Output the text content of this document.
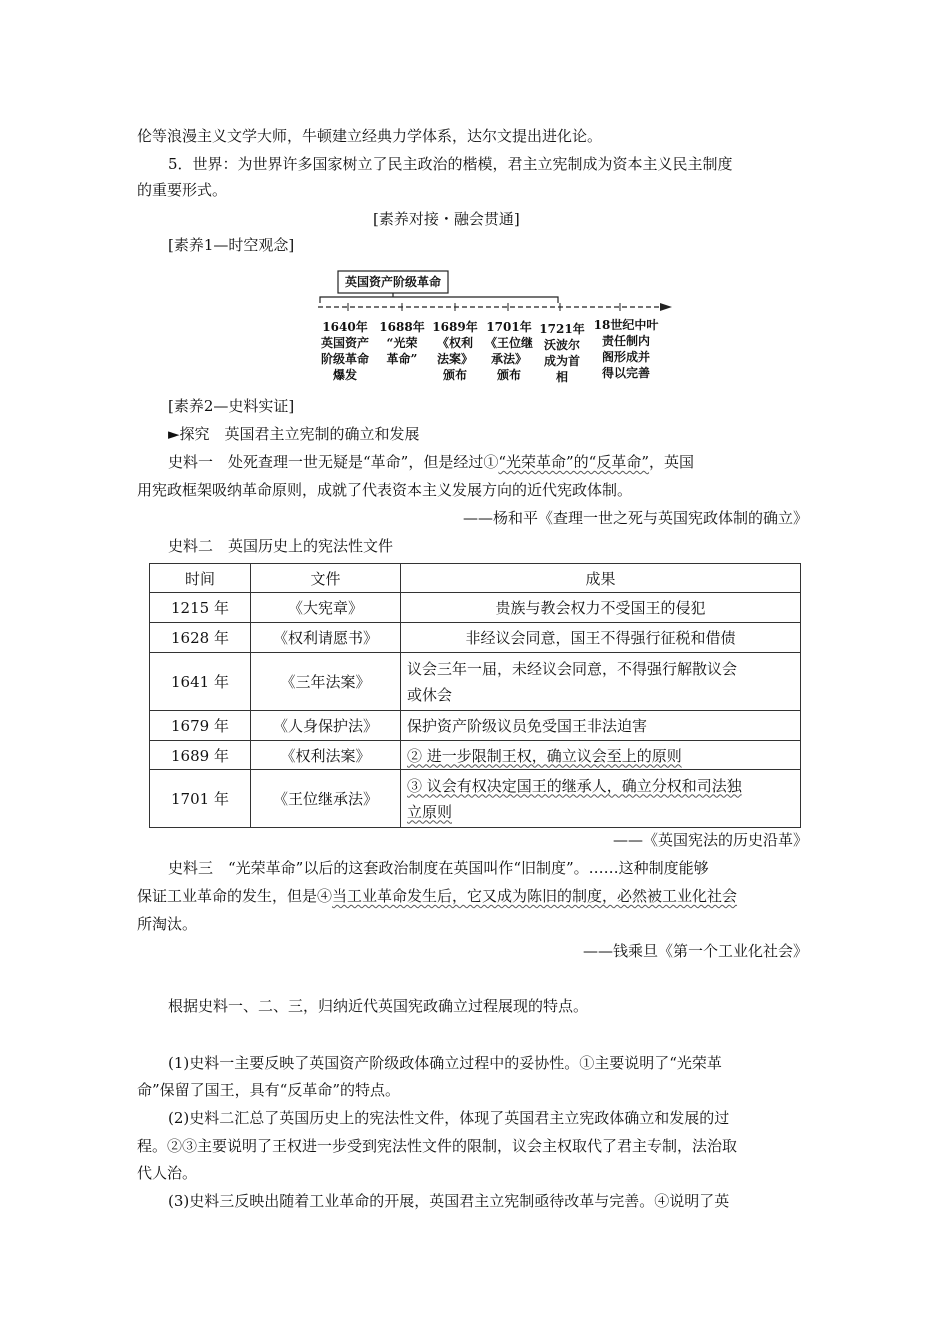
伦等浪漫主义文学大师，牛顿建立经典力学体系，达尔文提出进化论。
5．世界：为世界许多国家树立了民主政治的楷模，君主立宪制成为资本主义民主制度
的重要形式。
[素养对接・融会贯通]
[素养1—时空观念]
英国资产阶级革命
1640年
英国资产
阶级革命
爆发
1688年
“光荣
革命”
1689年
《权利
法案》
颁布
1701年
《王位继
承法》
颁布
1721年
沃波尔
成为首
相
18世纪中叶
责任制内
阁形成并
得以完善
[素养2—史料实证]
►探究　英国君主立宪制的确立和发展
史料一　处死查理一世无疑是“革命”，但是经过①“光荣革命”的“反革命”，英国
用宪政框架吸纳革命原则，成就了代表资本主义发展方向的近代宪政体制。
——杨和平《查理一世之死与英国宪政体制的确立》
史料二　英国历史上的宪法性文件
时间	文件	成果
1215 年	《大宪章》	贵族与教会权力不受国王的侵犯
1628 年	《权利请愿书》	非经议会同意，国王不得强行征税和借债
1641 年	《三年法案》	议会三年一届，未经议会同意，不得强行解散议会
或休会

1679 年	《人身保护法》	保护资产阶级议员免受国王非法迫害
1689 年	《权利法案》	② 进一步限制王权，确立议会至上的原则
1701 年	《王位继承法》	③ 议会有权决定国王的继承人，确立分权和司法独
立原则
——《英国宪法的历史沿革》
史料三　“光荣革命”以后的这套政治制度在英国叫作“旧制度”。……这种制度能够
保证工业革命的发生，但是④当工业革命发生后，它又成为陈旧的制度，必然被工业化社会
所淘汰。
——钱乘旦《第一个工业化社会》
根据史料一、二、三，归纳近代英国宪政确立过程展现的特点。
(1)史料一主要反映了英国资产阶级政体确立过程中的妥协性。①主要说明了“光荣革
命”保留了国王，具有“反革命”的特点。
(2)史料二汇总了英国历史上的宪法性文件，体现了英国君主立宪政体确立和发展的过
程。②③主要说明了王权进一步受到宪法性文件的限制，议会主权取代了君主专制，法治取
代人治。
(3)史料三反映出随着工业革命的开展，英国君主立宪制亟待改革与完善。④说明了英
